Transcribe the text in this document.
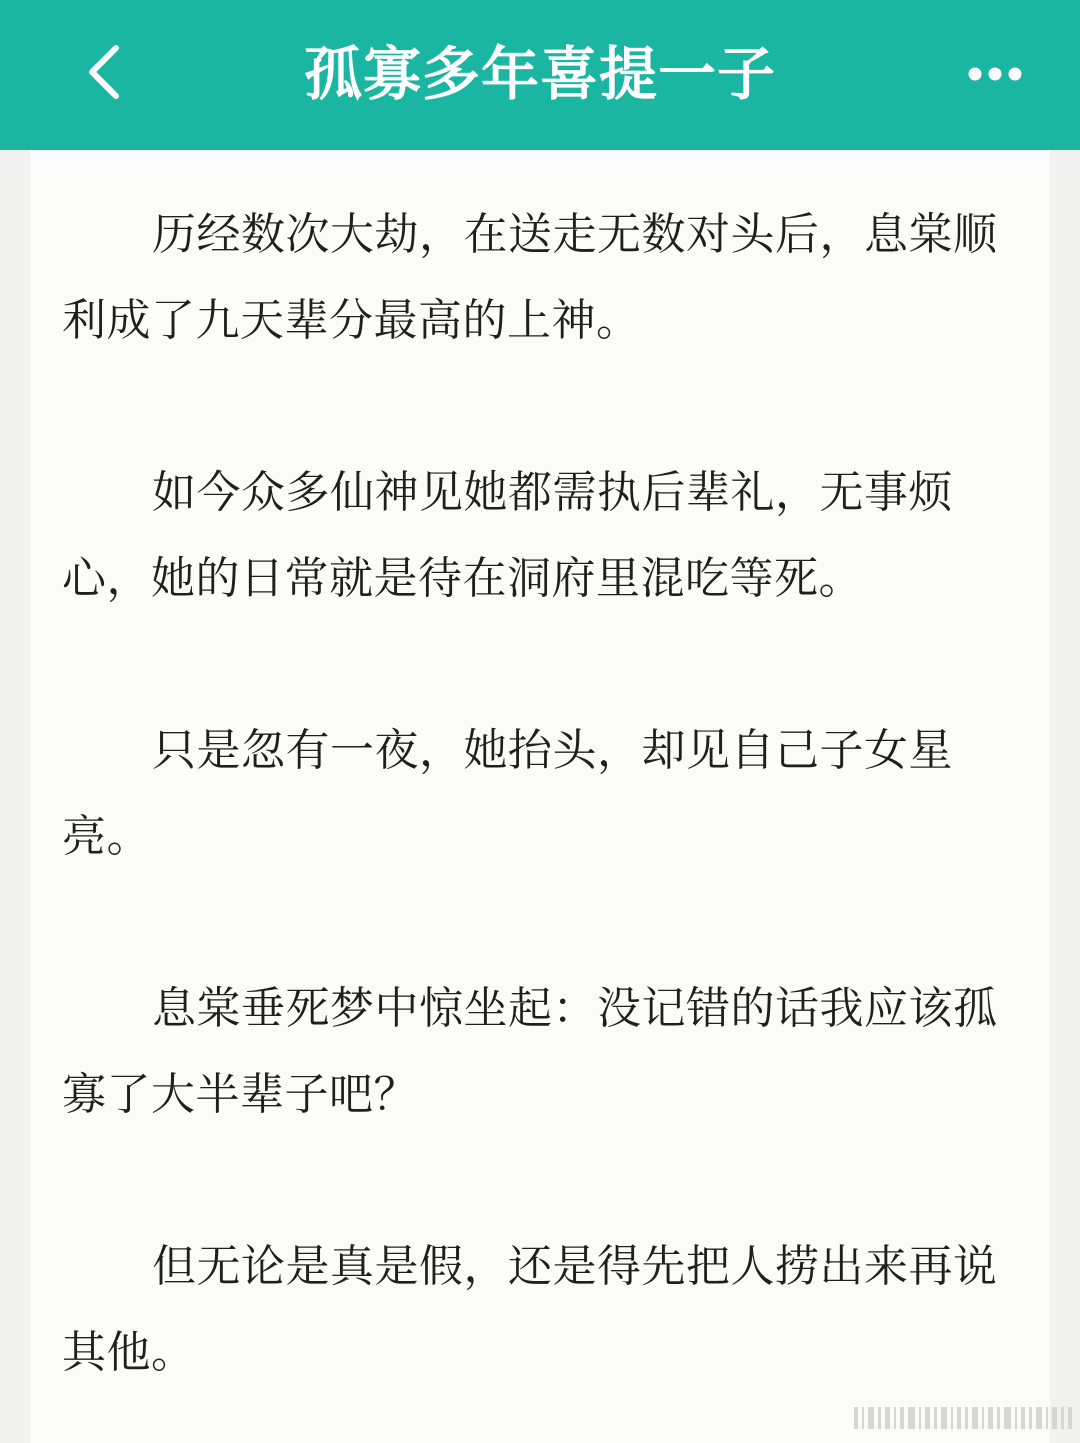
孤寡多年喜提一子

历经数次大劫，在送走无数对头后，息棠顺利成了九天辈分最高的上神。

如今众多仙神见她都需执后辈礼，无事烦心，她的日常就是待在洞府里混吃等死。

只是忽有一夜，她抬头，却见自己子女星亮。

息棠垂死梦中惊坐起：没记错的话我应该孤寡了大半辈子吧？

但无论是真是假，还是得先把人捞出来再说其他。
